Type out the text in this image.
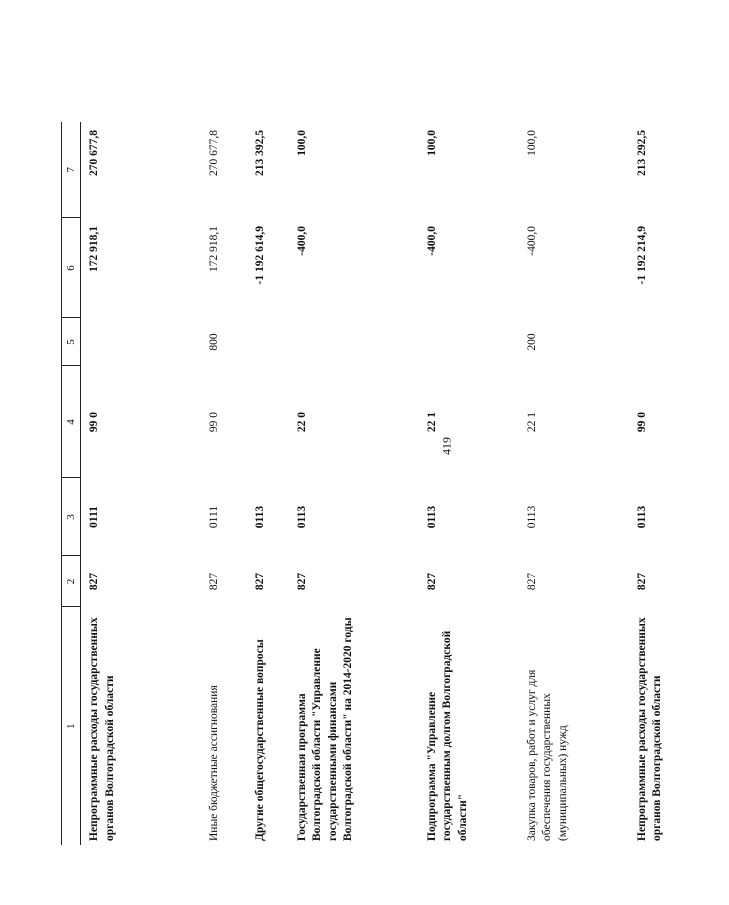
419
1	2	3	4	5	6	7
Непрограммные расходы государственных органов Волгоградской области	827	0111	99 0		172 918,1	270 677,8
Иные бюджетные ассигнования	827	0111	99 0	800	172 918,1	270 677,8
Другие общегосударственные вопросы	827	0113			-1 192 614,9	213 392,5
Государственная программа Волгоградской области "Управление государственными финансами Волгоградской области" на 2014-2020 годы	827	0113	22 0		-400,0	100,0
Подпрограмма "Управление государственным долгом Волгоградской области"	827	0113	22 1		-400,0	100,0
Закупка товаров, работ и услуг для обеспечения государственных (муниципальных) нужд	827	0113	22 1	200	-400,0	100,0
Непрограммные расходы государственных органов Волгоградской области	827	0113	99 0		-1 192 214,9	213 292,5
